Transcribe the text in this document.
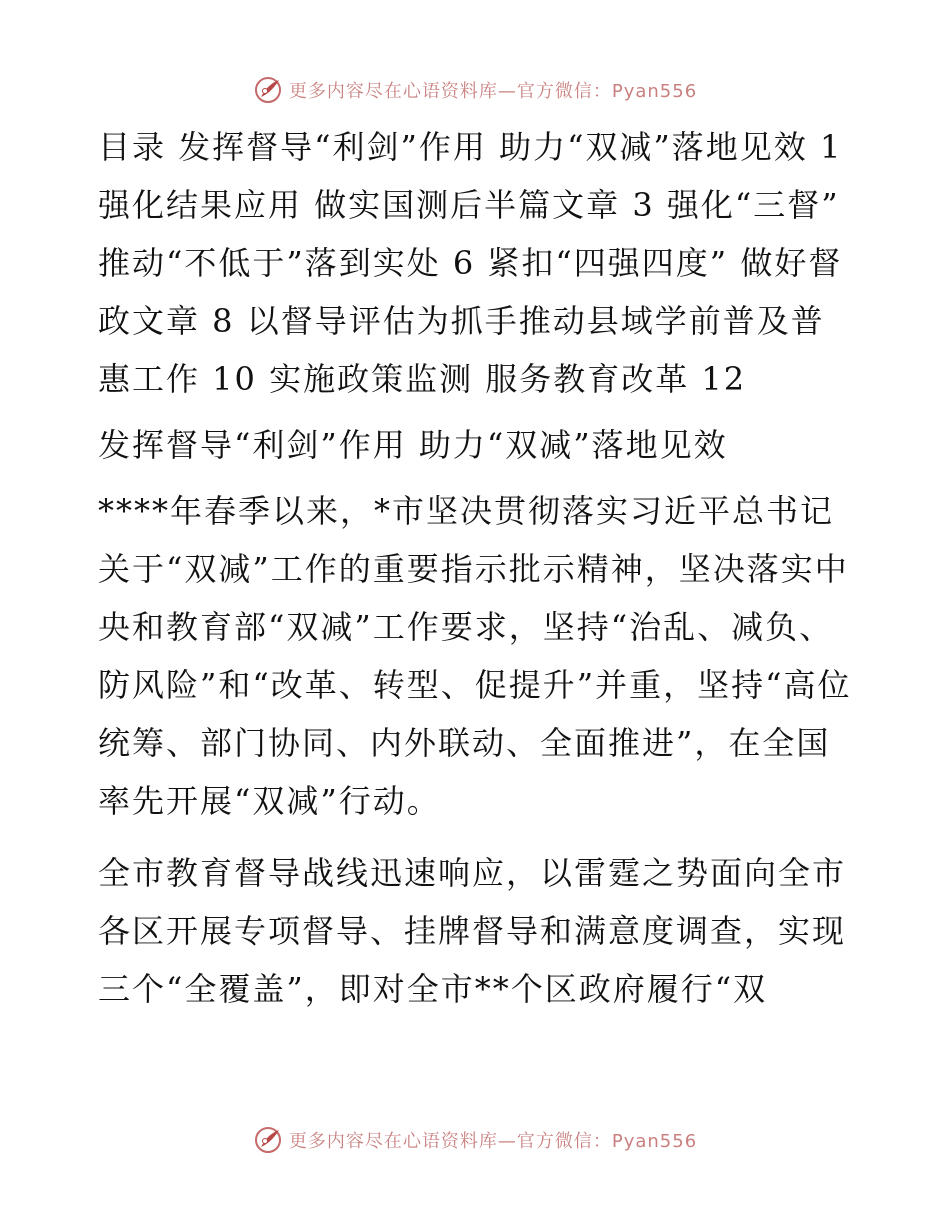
更多内容尽在心语资料库—官方微信：Pyan556

目录 发挥督导“利剑”作用 助力“双减”落地见效 1 强化结果应用 做实国测后半篇文章 3 强化“三督” 推动“不低于”落到实处 6 紧扣“四强四度” 做好督政文章 8 以督导评估为抓手推动县域学前普及普惠工作 10 实施政策监测 服务教育改革 12

发挥督导“利剑”作用 助力“双减”落地见效

****年春季以来，*市坚决贯彻落实习近平总书记关于“双减”工作的重要指示批示精神，坚决落实中央和教育部“双减”工作要求，坚持“治乱、减负、防风险”和“改革、转型、促提升”并重，坚持“高位统筹、部门协同、内外联动、全面推进”，在全国率先开展“双减”行动。

全市教育督导战线迅速响应，以雷霆之势面向全市各区开展专项督导、挂牌督导和满意度调查，实现三个“全覆盖”，即对全市**个区政府履行“双

更多内容尽在心语资料库—官方微信：Pyan556
